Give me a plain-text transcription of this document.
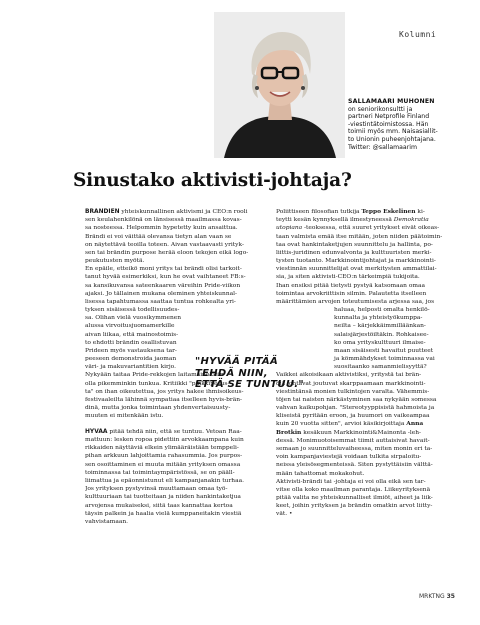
Kolumni
SALLAMAARI MUHONEN
on seniorikonsultti ja
partneri Netprofile Finland
-viestintätoimistossa. Hän
toimii myös mm. Naisasiallit-
to Unionin puheenjohtajana.
Twitter: @sallamaarim
Sinustako aktivisti-johtaja?
BRÄNDIEN yhteiskunnallinen aktivismi ja CEO:n rooli
sen keulahenkilönä on länsisessä maailmassa kovas-
sa nosteessa. Helpommin hypetetty kuin ansaittua.
Brändi ei voi väittää olevansa tietyn alan vaan se
on näytettävä teoilla toteen. Aivan vastaavasti yrityk-
sen tai brändin purpose herää eloon tekojen eikä logo-
peukutusten myötä.
En epäile, etteikö moni yritys tai brändi olisi tarkoit-
tanut hyvää esimerkiksi, kun he ovat vaihtaneet FB:s-
sa kansikuvansa sateenkaaren väreihin Pride-viikon
ajaksi. Jo tällainen mukana oleminen yhteiskunnal-
lisessa tapahtumassa saattaa tuntua rohkealta yri-
tyksen sisäisessä todellisuudes-
sa. Olihan vielä vuosikymmenen
alussa virvoitusjuomamerkille
aivan liikaa, että mainostoimis-
to ehdotti brändin osallistuvan
Prideen myös vastauksena tar-
peeseen demonstroida jaoman
väri- ja makuvariantitien kirjo.
Nykyään taitaa Pride-rekkojen laitamainoksiin
olla pikemminkin tunkua. Kritiikki "pinkkipesus-
ta" on ihan oikeutettua, jos yritys hakee ihmisoikeus-
festivaaleilta lähinnä sympatiaa itselleen hyvis-brän-
dinä, mutta jonka toimintaan yhdenvertaisuusty-
muuten ei mitenkään istu.
HYVÄÄ pitää tehdä niin, että se tuntuu. Vetoan Raa-
mattuun: lesken ropoa pidettiin arvokkaampana kuin
rikkaiden näyttäviä elkein ylimääräistään temppeli-
pihan arkkuun lahjoittamia rahasummia. Jos purpos-
sen osoittaminen ei muuta mitään yrityksen omassa
toiminnassa tai toimintaympäristössä, se on pääll-
liimattua ja epäonnistunut eli kampanjanakin turhaa.
Jos yrityksen pystyvinsä muuttamaan omaa työ-
kulttuuriaan tai tuotteitaan ja niiden hankintaketjua
arvojensa mukaiseksi, siitä taas kannattaa kertoa
täysin palkein ja haalia vielä kumppaneitakin viestiä
vahvistamaan.
"HYVÄÄ PITÄÄ
TEHDÄ NIIN,
ETTÄ SE TUNTUU."
Poliittiseen filosofian tutkija Teppo Eskelinen ki-
teytti kesän kynnyksellä ilmestyneessä Demokratia
utopiana -teoksessa, että suuret yritykset eivät oikeas-
taan valmista emää itse mitään, joten niiden päätoimin-
taa ovat hankintaketjujen suunnittelu ja hallinta, po-
liittis-juridinen edunvalvonta ja kulttuuristen merki-
tysten tuotanto. Markkinointijohtajat ja markkinointi-
viestinnän suunnittelijat ovat merkitysten ammattilai-
sia, ja siten aktivisti-CEO:n tärkeimpiä tukijoita.
Ihan ensiksi pitää tietysti pystyä katsomaan omaa
toimintaa arvokriittisin silmin. Palautetta itselleen
määrittämien arvojen toteutumisesta arjessa saa, jos
haluaa, helposti omalta henkilö-
kunnalta ja yhteistyökumppa-
neilta – kärjekkäimmilläänkan-
salaisjärjestöiltäkin. Rohkaisee-
ko oma yrityskulttuuri ilmaise-
maan sisäisesti havaitut puutteet
ja kömmähdykset toiminnassa vai
suositaanko samanmielisyyttä?
Vaikkei aikoisikaan aktivistiksi, yritystä tai brän-
diä johtavat joutuvat skarppaamaan markkinointi-
viestintänsä monien tulkintojen varalta. Vähemmis-
töjen tai naisten närkästyminen saa nykyään somessa
vahvan kaikupohjan. "Stereotyyppisistä hahmoista ja
kliseistä pyritään eroon, ja huumori on vaikeampaa
kuin 20 vuotta sitten", arvioi käsikirjoittaja Anna
Brotkin kesäkuun Markkinointi&Mainonta -leh-
dessä. Monimuotoisemmat tiimit auttaisivat havait-
semaan jo suunnitteluvaiheessa, miten monin eri ta-
voin kampanjaviestejä voidaan tulkita sirpaloitu-
neissa yleisösegmenteissä. Siten pystyttäisiin välttä-
mään tahattomat mokakohut.
Aktivisti-brändi tai -johtaja ei voi olla eikä sen tar-
vitse olla koko maailman parantaja. Liikeyrityksenä
pitää valita ne yhteiskunnalliset ilmiöt, aiheet ja liik-
keet, joihin yrityksen ja brändin omatkin arvot liitty-
vät. •
MRKTNG 35
